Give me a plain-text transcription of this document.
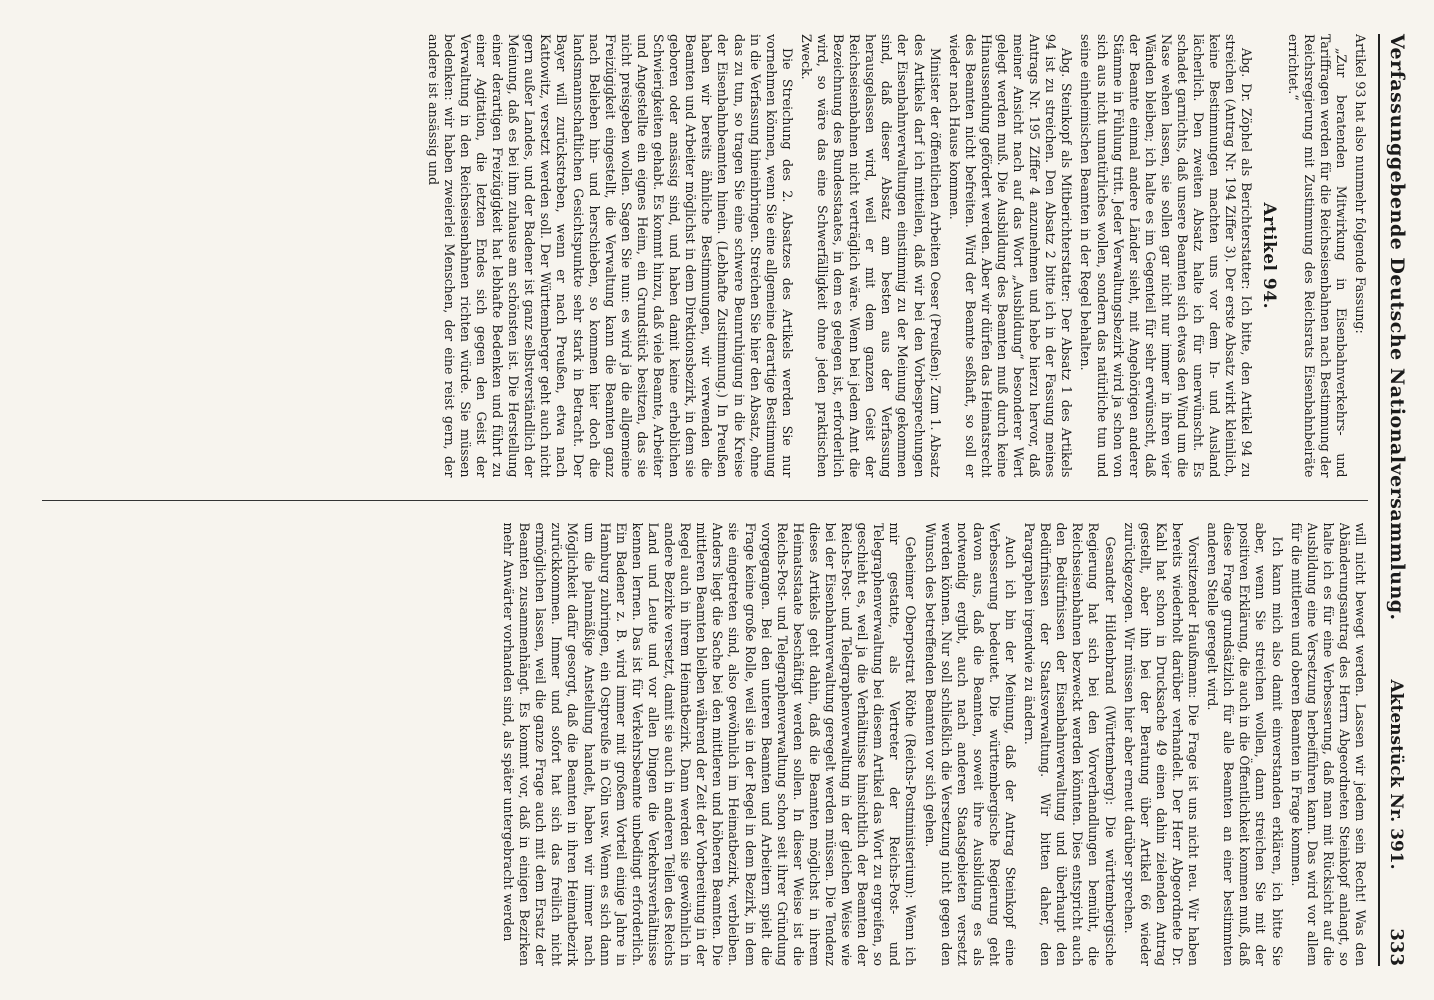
Verfassunggebende Deutsche Nationalversammlung.
Aktenstück Nr. 391.
333

Artikel 93 hat also nunmehr folgende Fassung:

„Zur beratenden Mitwirkung in Eisenbahnverkehrs- und Tariffragen werden für die Reichseisenbahnen nach Bestimmung der Reichsregierung mit Zustimmung des Reichsrats Eisenbahnbeiräte errichtet.“

Artikel 94.

Abg. Dr. Zöphel als Berichterstatter: Ich bitte, den Artikel 94 zu streichen (Antrag Nr. 194 Ziffer 3). Der erste Absatz wirkt kleinlich, keine Bestimmungen machten uns vor dem In- und Ausland lächerlich. Den zweiten Absatz halte ich für unerwünscht. Es schadet garnichts, daß unsere Beamten sich etwas den Wind um die Nase wehen lassen, sie sollen gar nicht nur immer in ihren vier Wänden bleiben; ich halte es im Gegenteil für sehr erwünscht, daß der Beamte einmal andere Länder sieht, mit Angehörigen anderer Stämme in Fühlung tritt. Jeder Verwaltungsbezirk wird ja schon von sich aus nicht unnatürliches wollen, sondern das natürliche tun und seine einheimischen Beamten in der Regel behalten.

Abg. Steinkopf als Mitberichterstatter: Der Absatz 1 des Artikels 94 ist zu streichen. Den Absatz 2 bitte ich in der Fassung meines Antrags Nr. 195 Ziffer 4 anzunehmen und hebe hierzu hervor, daß meiner Ansicht nach auf das Wort „Ausbildung“ besonderer Wert gelegt werden muß. Die Ausbildung des Beamten muß durch keine Hinaussendung gefördert werden. Aber wir dürfen das Heimatsrecht des Beamten nicht befreiten. Wird der Beamte seßhaft, so soll er wieder nach Hause kommen.

Minister der öffentlichen Arbeiten Oeser (Preußen): Zum 1. Absatz des Artikels darf ich mitteilen, daß wir bei den Vorbesprechungen der Eisenbahnverwaltungen einstimmig zu der Meinung gekommen sind, daß dieser Absatz am besten aus der Verfassung herausgelassen wird, weil er mit dem ganzen Geist der Reichseisenbahnen nicht verträglich wäre. Wenn bei jedem Amt die Bezeichnung des Bundesstaates, in dem es gelegen ist, erforderlich wird, so wäre das eine Schwerfälligkeit ohne jeden praktischen Zweck.

Die Streichung des 2. Absatzes des Artikels werden Sie nur vornehmen können, wenn Sie eine allgemeine derartige Bestimmung in die Verfassung hineinbringen. Streichen Sie hier den Absatz, ohne das zu tun, so tragen Sie eine schwere Beunruhigung in die Kreise der Eisenbahnbeamten hinein. (Lebhafte Zustimmung.) In Preußen haben wir bereits ähnliche Bestimmungen, wir verwenden die Beamten und Arbeiter möglichst in dem Direktionsbezirk, in dem sie geboren oder ansässig sind, und haben damit keine erheblichen Schwierigkeiten gehabt. Es kommt hinzu, daß viele Beamte, Arbeiter und Angestellte ein eignes Heim, ein Grundstück besitzen, das sie nicht preisgeben wollen. Sagen Sie nun: es wird ja die allgemeine Freizügigkeit eingestellt, die Verwaltung kann die Beamten ganz nach Belieben hin- und herschieben, so kommen hier doch die landsmannschaftlichen Gesichtspunkte sehr stark in Betracht. Der Bayer will zurückstreben, wenn er nach Preußen, etwa nach Kattowitz, versetzt werden soll. Der Württemberger geht auch nicht gern außer Landes, und der Badener ist ganz selbstverständlich der Meinung, daß es bei ihm zuhause am schönsten ist. Die Herstellung einer derartigen Freizügigkeit hat lebhafte Bedenken und führt zu einer Agitation, die letzten Endes sich gegen den Geist der Verwaltung in den Reichseisenbahnen richten würde. Sie müssen bedenken: wir haben zweierlei Menschen, der eine reist gern, der andere ist ansässig und

will nicht bewegt werden. Lassen wir jedem sein Recht! Was den Abänderungsantrag des Herrn Abgeordneten Steinkopf anlangt, so halte ich es für eine Verbesserung, daß man mit Rücksicht auf die Ausbildung eine Versetzung herbeiführen kann. Das wird vor allem für die mittleren und oberen Beamten in Frage kommen.

Ich kann mich also damit einverstanden erklären, ich bitte Sie aber, wenn Sie streichen wollen, dann streichen Sie mit der positiven Erklärung, die auch in die Öffentlichkeit kommen muß, daß diese Frage grundsätzlich für alle Beamten an einer bestimmten anderen Stelle geregelt wird.

Vorsitzender Haußmann: Die Frage ist uns nicht neu. Wir haben bereits wiederholt darüber verhandelt. Der Herr Abgeordnete Dr. Kahl hat schon in Drucksache 49 einen dahin zielenden Antrag gestellt, aber ihn bei der Beratung über Artikel 66 wieder zurückgezogen. Wir müssen hier aber erneut darüber sprechen.

Gesandter Hildenbrand (Württemberg): Die württembergische Regierung hat sich bei den Vorverhandlungen bemüht, die Reichseisenbahnen bezweckt werden könnten. Dies entspricht auch den Bedürfnissen der Eisenbahnverwaltung und überhaupt den Bedürfnissen der Staatsverwaltung. Wir bitten daher, den Paragraphen irgendwie zu ändern.

Auch ich bin der Meinung, daß der Antrag Steinkopf eine Verbesserung bedeutet. Die württembergische Regierung geht davon aus, daß die Beamten, soweit ihre Ausbildung es als notwendig ergibt, auch nach anderen Staatsgebieten versetzt werden können. Nur soll schließlich die Versetzung nicht gegen den Wunsch des betreffenden Beamten vor sich gehen.

Geheimer Oberpostrat Röthe (Reichs-Postministerium): Wenn ich mir gestatte, als Vertreter der Reichs-Post- und Telegraphenverwaltung bei diesem Artikel das Wort zu ergreifen, so geschieht es, weil ja die Verhältnisse hinsichtlich der Beamten der Reichs-Post- und Telegraphenverwaltung in der gleichen Weise wie bei der Eisenbahnverwaltung geregelt werden müssen. Die Tendenz dieses Artikels geht dahin, daß die Beamten möglichst in ihrem Heimatsstaate beschäftigt werden sollen. In dieser Weise ist die Reichs-Post- und Telegraphenverwaltung schon seit ihrer Gründung vorgegangen. Bei den unteren Beamten und Arbeitern spielt die Frage keine große Rolle, weil sie in der Regel in dem Bezirk, in dem sie eingetreten sind, also gewöhnlich im Heimatbezirk, verbleiben. Anders liegt die Sache bei den mittleren und höheren Beamten. Die mittleren Beamten bleiben während der Zeit der Vorbereitung in der Regel auch in ihrem Heimatbezirk. Dann werden sie gewöhnlich in andere Bezirke versetzt, damit sie auch in anderen Teilen des Reichs Land und Leute und vor allen Dingen die Verkehrsverhältnisse kennen lernen. Das ist für Verkehrsbeamte unbedingt erforderlich. Ein Badener z. B. wird immer mit großem Vorteil einige Jahre in Hamburg zubringen, ein Ostpreuße in Cöln usw. Wenn es sich dann um die planmäßige Anstellung handelt, haben wir immer nach Möglichkeit dafür gesorgt, daß die Beamten in ihren Heimatbezirk zurückkommen. Immer und sofort hat sich das freilich nicht ermöglichen lassen, weil die ganze Frage auch mit dem Ersatz der Beamten zusammenhängt. Es kommt vor, daß in einigen Bezirken mehr Anwärter vorhanden sind, als später untergebracht werden
